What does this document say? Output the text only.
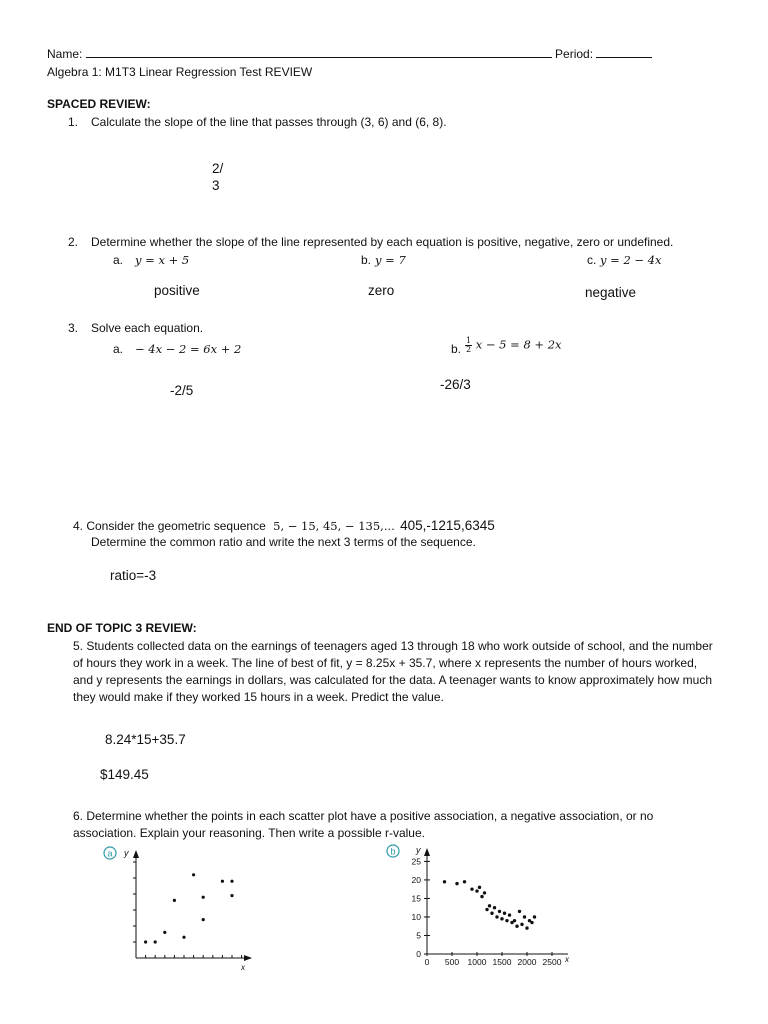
Name:	Period:
Algebra 1: M1T3 Linear Regression Test REVIEW
SPACED REVIEW:
1. Calculate the slope of the line that passes through (3, 6) and (6, 8).
2/
3
2. Determine whether the slope of the line represented by each equation is positive, negative, zero or undefined.
a. y = x + 5	b. y = 7	c. y = 2 − 4x
positive	zero	negative
3. Solve each equation.
a. − 4x − 2 = 6x + 2	b. $\frac{1}{2}$ x − 5 = 8 + 2x
-2/5	-26/3
4. Consider the geometric sequence 5, − 15, 45, − 135,... 405,-1215,6345
Determine the common ratio and write the next 3 terms of the sequence.
ratio=-3
END OF TOPIC 3 REVIEW:
5. Students collected data on the earnings of teenagers aged 13 through 18 who work outside of school, and the number of hours they work in a week. The line of best of fit, y = 8.25x + 35.7, where x represents the number of hours worked, and y represents the earnings in dollars, was calculated for the data. A teenager wants to know approximately how much they would make if they worked 15 hours in a week. Predict the value.
8.24*15+35.7
$149.45
6. Determine whether the points in each scatter plot have a positive association, a negative association, or no association. Explain your reasoning. Then write a possible r-value.
a y
x
b y
x
0 500 1000 1500 2000 2500
0
5
10
15
20
25
